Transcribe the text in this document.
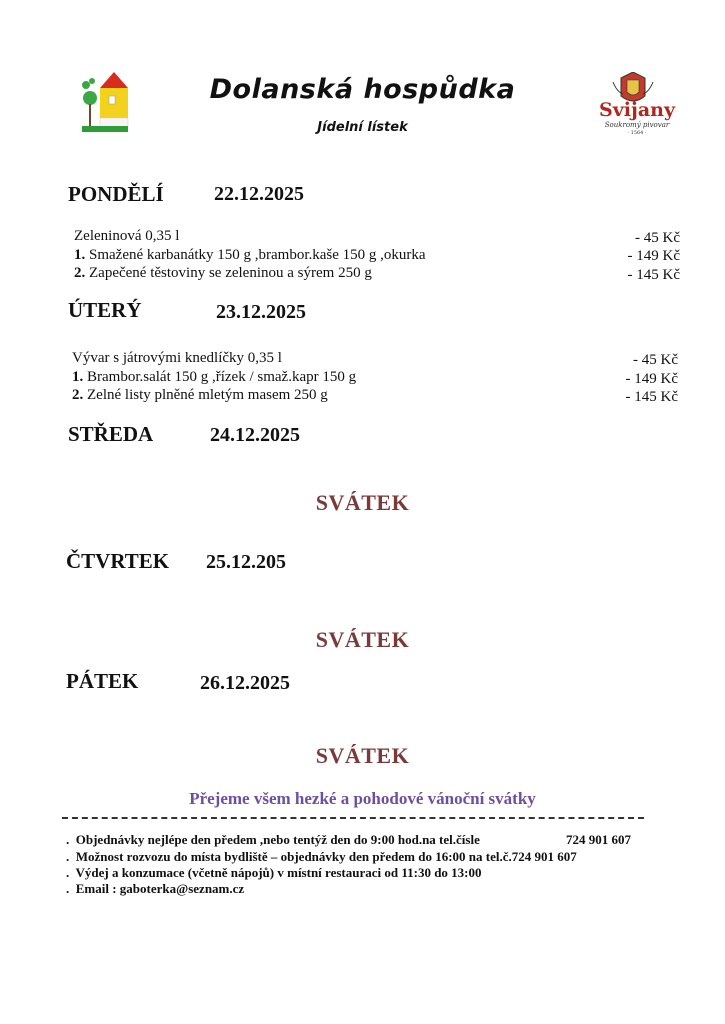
Dolanská hospůdka
Jídelní lístek
Svijany
Soukromý pivovar
· 1564 ·
PONDĚLÍ	22.12.2025
Zeleninová 0,35 l	- 45 Kč
1. Smažené karbanátky 150 g ,brambor.kaše 150 g ,okurka	- 149 Kč
2. Zapečené těstoviny se zeleninou a sýrem 250 g	- 145 Kč
ÚTERÝ	23.12.2025
Vývar s játrovými knedlíčky 0,35 l	- 45 Kč
1. Brambor.salát 150 g ,řízek / smaž.kapr 150 g	- 149 Kč
2. Zelné listy plněné mletým masem 250 g	- 145 Kč
STŘEDA	24.12.2025
SVÁTEK
ČTVRTEK 25.12.205
SVÁTEK
PÁTEK	26.12.2025
SVÁTEK
Přejeme všem hezké a pohodové vánoční svátky
. Objednávky nejlépe den předem ,nebo tentýž den do 9:00 hod.na tel.čísle	724 901 607
. Možnost rozvozu do místa bydliště – objednávky den předem do 16:00 na tel.č.724 901 607
. Výdej a konzumace (včetně nápojů) v místní restauraci od 11:30 do 13:00
. Email : gaboterka@seznam.cz
